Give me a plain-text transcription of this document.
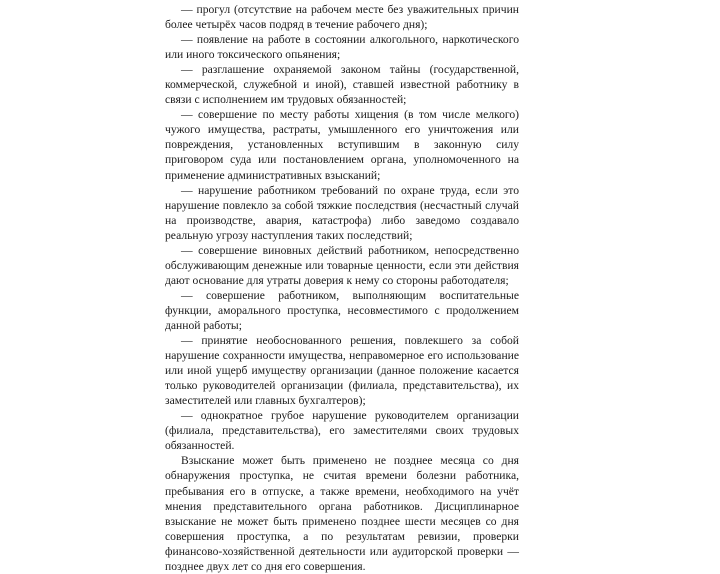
— прогул (отсутствие на рабочем месте без уважительных причин более четырёх часов подряд в течение рабочего дня);

— появление на работе в состоянии алкогольного, наркотического или иного токсического опьянения;

— разглашение охраняемой законом тайны (государственной, коммерческой, служебной и иной), ставшей известной работнику в связи с исполнением им трудовых обязанностей;

— совершение по месту работы хищения (в том числе мелкого) чужого имущества, растраты, умышленного его уничтожения или повреждения, установленных вступившим в законную силу приговором суда или постановлением органа, уполномоченного на применение административных взысканий;

— нарушение работником требований по охране труда, если это нарушение повлекло за собой тяжкие последствия (несчастный случай на производстве, авария, катастрофа) либо заведомо создавало реальную угрозу наступления таких последствий;

— совершение виновных действий работником, непосредственно обслуживающим денежные или товарные ценности, если эти действия дают основание для утраты доверия к нему со стороны работодателя;

— совершение работником, выполняющим воспитательные функции, аморального проступка, несовместимого с продолжением данной работы;

— принятие необоснованного решения, повлекшего за собой нарушение сохранности имущества, неправомерное его использование или иной ущерб имуществу организации (данное положение касается только руководителей организации (филиала, представительства), их заместителей или главных бухгалтеров);

— однократное грубое нарушение руководителем организации (филиала, представительства), его заместителями своих трудовых обязанностей.

Взыскание может быть применено не позднее месяца со дня обнаружения проступка, не считая времени болезни работника, пребывания его в отпуске, а также времени, необходимого на учёт мнения представительного органа работников. Дисциплинарное взыскание не может быть применено позднее шести месяцев со дня совершения проступка, а по результатам ревизии, проверки финансово-хозяйственной деятельности или аудиторской проверки — позднее двух лет со дня его совершения.
